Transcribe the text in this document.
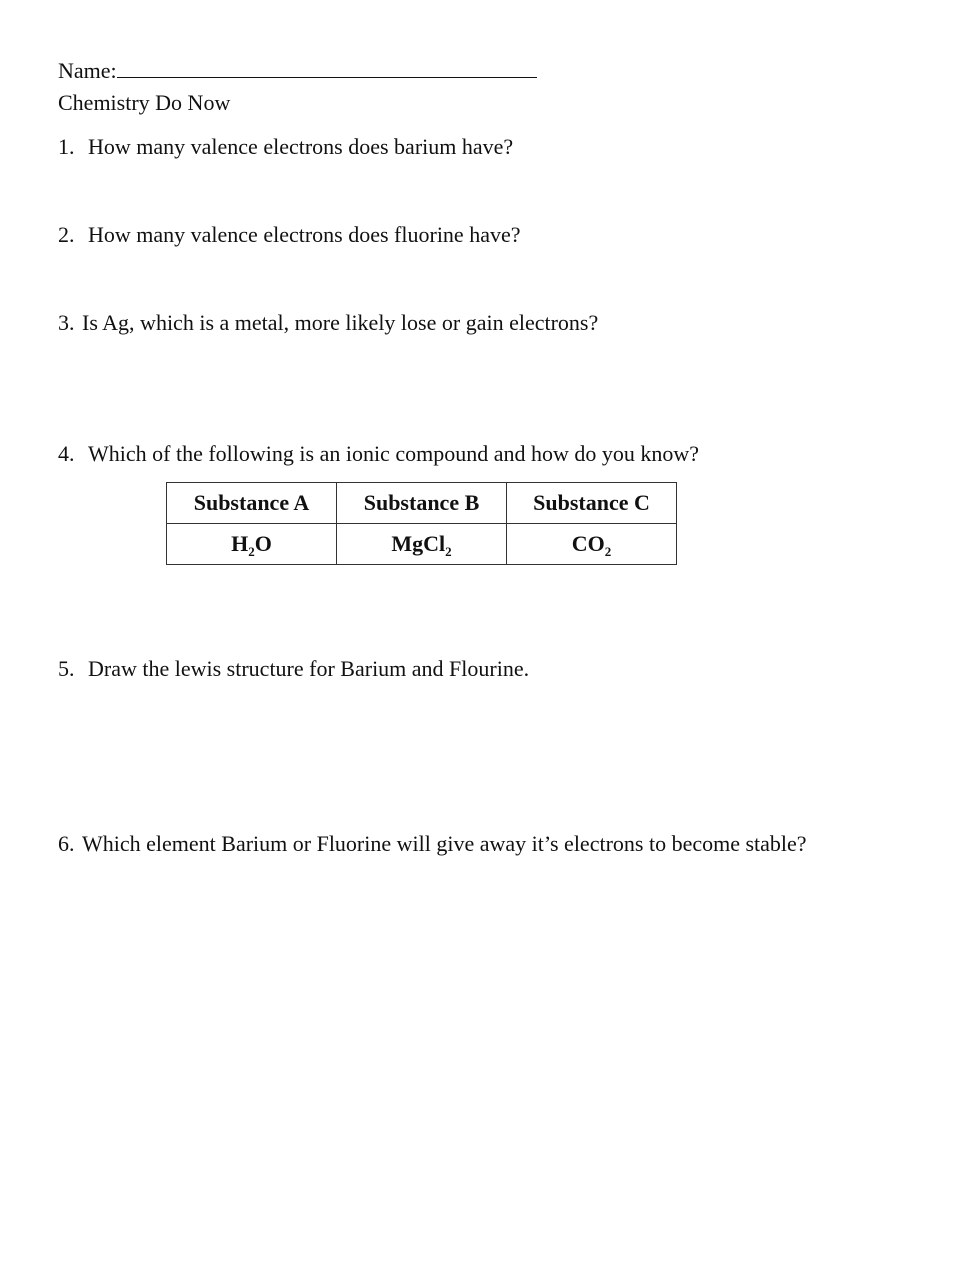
Name:
Chemistry Do Now
1. How many valence electrons does barium have?
2. How many valence electrons does fluorine have?
3. Is Ag, which is a metal, more likely lose or gain electrons?
4. Which of the following is an ionic compound and how do you know?
Substance A	Substance B	Substance C
$H_2O$	MgCl$_2$	$CO_2$
5. Draw the lewis structure for Barium and Flourine.
6. Which element Barium or Fluorine will give away it’s electrons to become stable?
